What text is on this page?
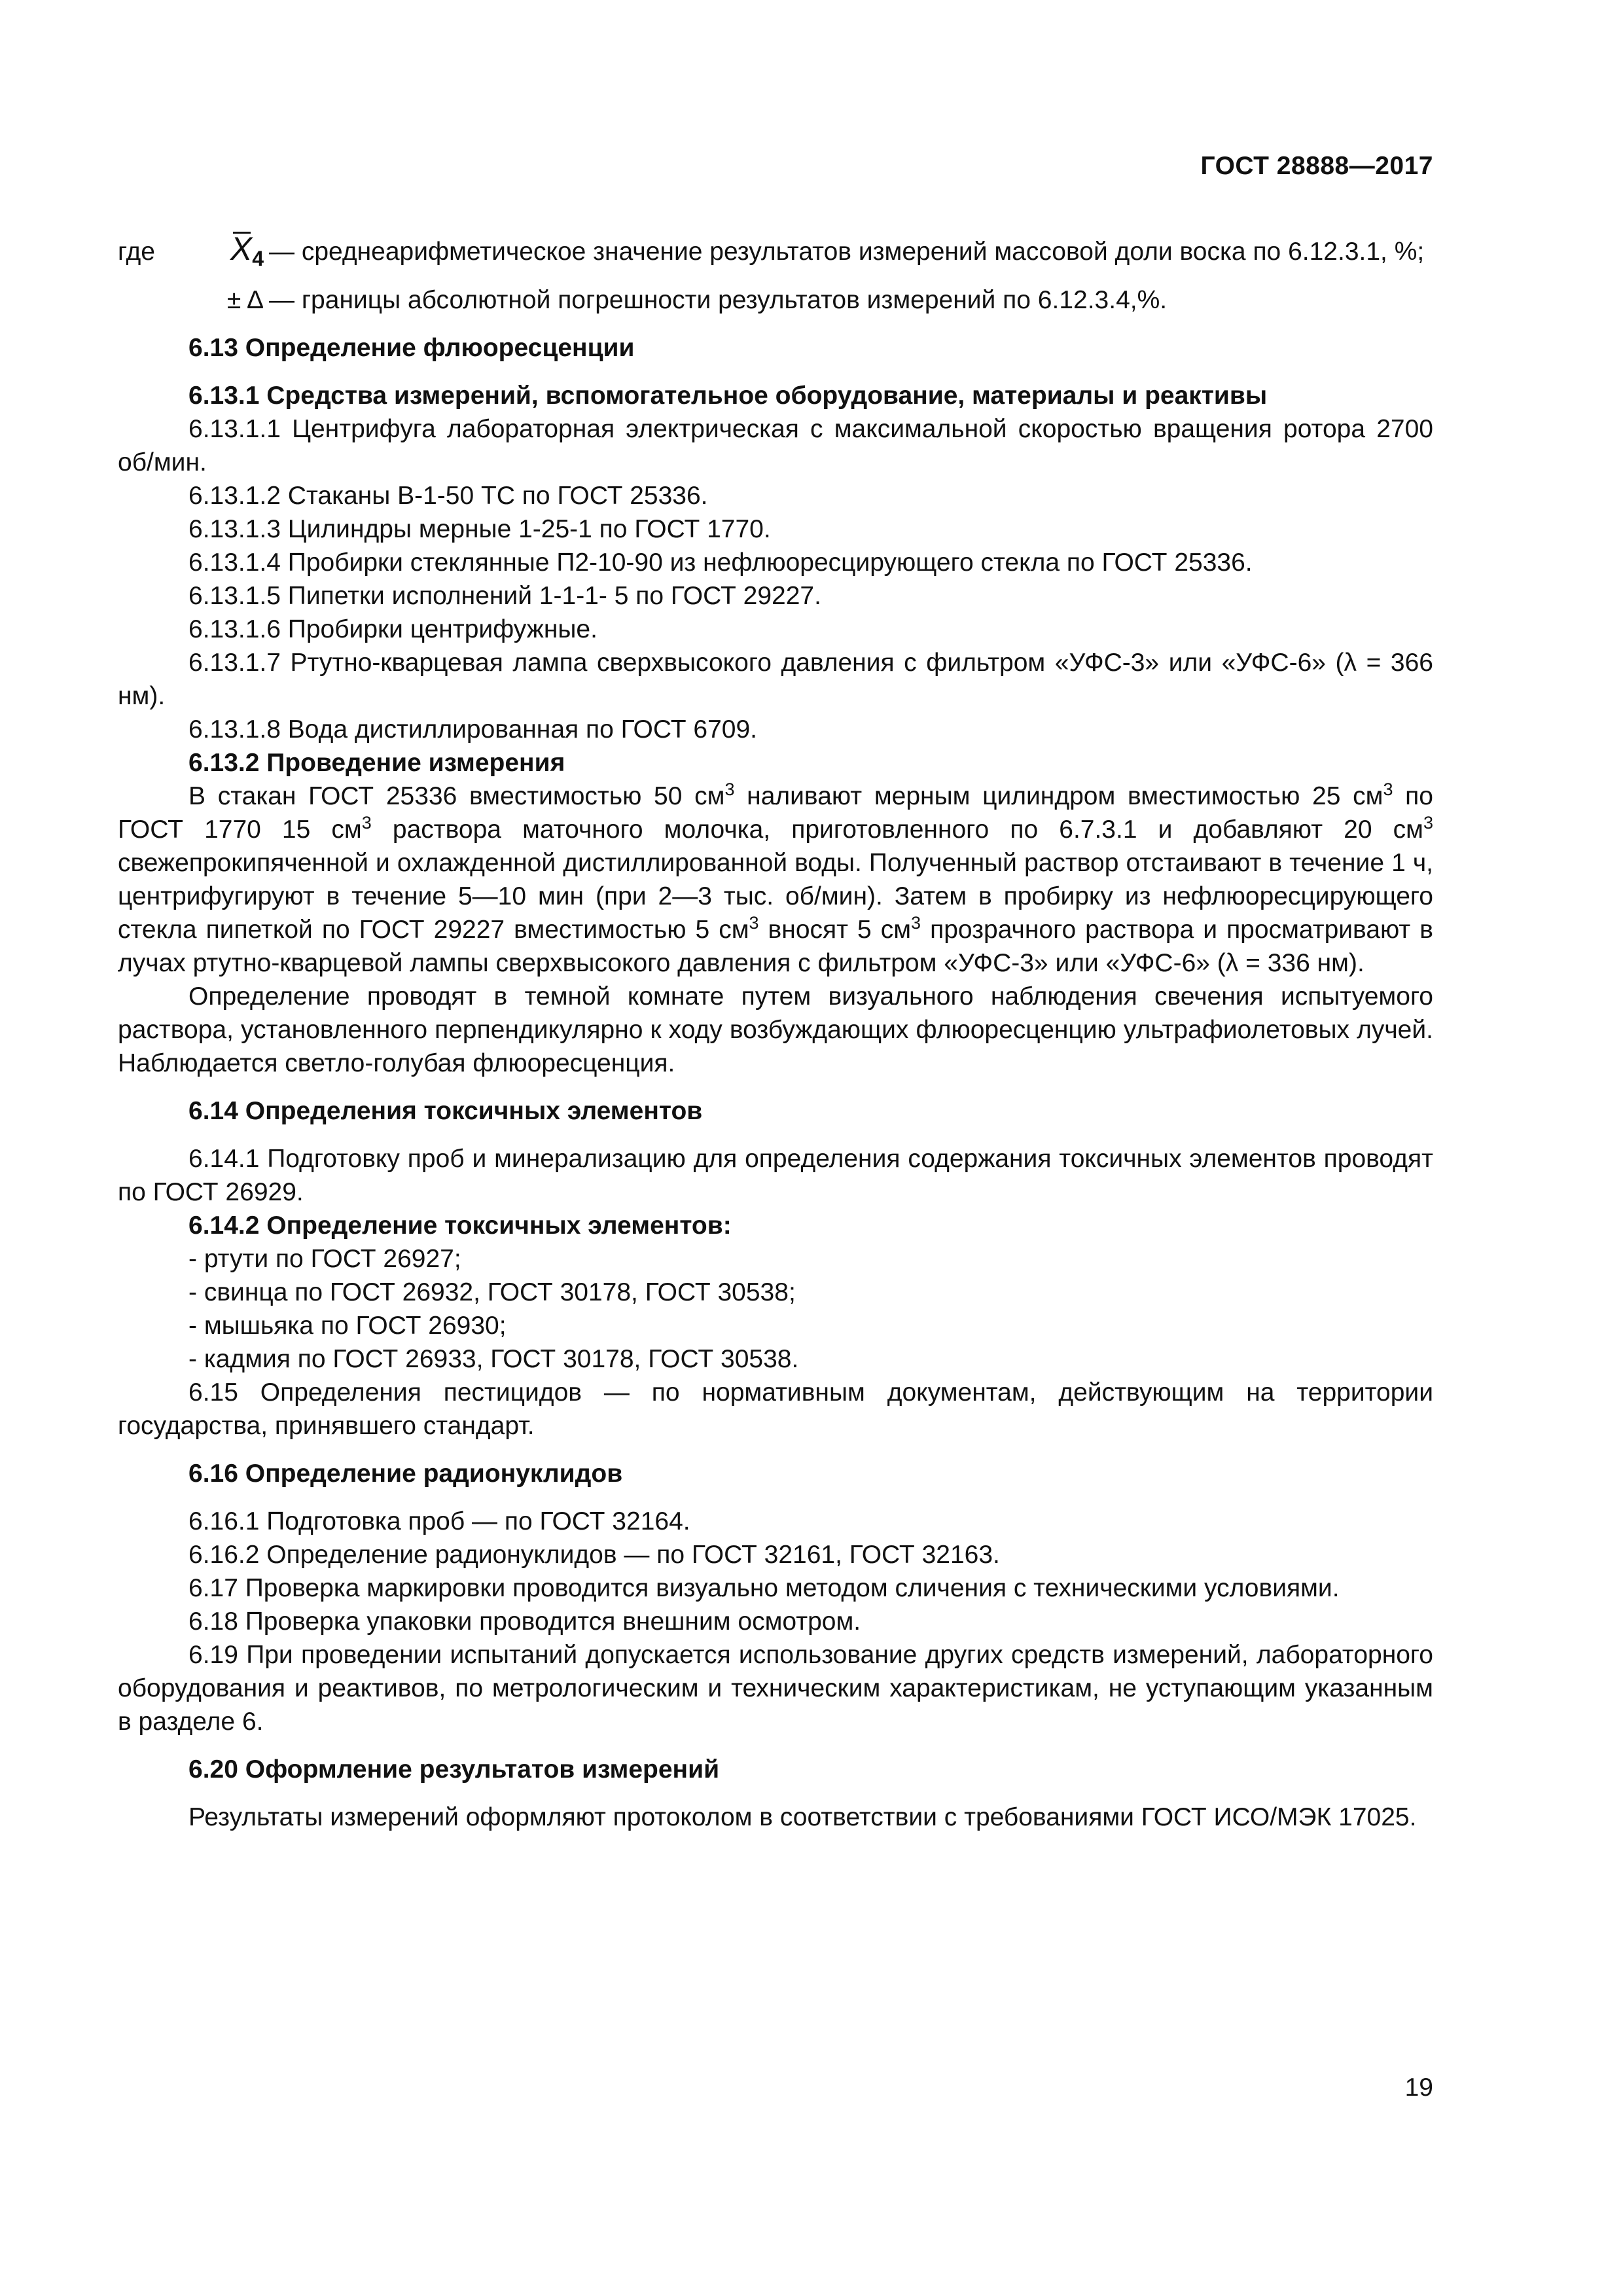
ГОСТ 28888—2017
где	$X_4$ — среднеарифметическое значение результатов измерений массовой доли воска по 6.12.3.1, %;
± Δ — границы абсолютной погрешности результатов измерений по 6.12.3.4,%.

6.13 Определение флюоресценции

6.13.1 Средства измерений, вспомогательное оборудование, материалы и реактивы

6.13.1.1 Центрифуга лабораторная электрическая с максимальной скоростью вращения ротора 2700 об/мин.

6.13.1.2 Стаканы В-1-50 ТС по ГОСТ 25336.

6.13.1.3 Цилиндры мерные 1-25-1 по ГОСТ 1770.

6.13.1.4 Пробирки стеклянные П2-10-90 из нефлюоресцирующего стекла по ГОСТ 25336.

6.13.1.5 Пипетки исполнений 1-1-1- 5 по ГОСТ 29227.

6.13.1.6 Пробирки центрифужные.

6.13.1.7 Ртутно-кварцевая лампа сверхвысокого давления с фильтром «УФС-3» или «УФС-6» (λ = 366 нм).

6.13.1.8 Вода дистиллированная по ГОСТ 6709.

6.13.2 Проведение измерения

В стакан ГОСТ 25336 вместимостью 50 $см^3$ наливают мерным цилиндром вместимостью 25 $см^3$ по ГОСТ 1770 15 $см^3$ раствора маточного молочка, приготовленного по 6.7.3.1 и добавляют 20 $см^3$ свежепрокипяченной и охлажденной дистиллированной воды. Полученный раствор отстаивают в течение 1 ч, центрифугируют в течение 5—10 мин (при 2—3 тыс. об/мин). Затем в пробирку из нефлюоресцирующего стекла пипеткой по ГОСТ 29227 вместимостью 5 $см^3$ вносят 5 $см^3$ прозрачного раствора и просматривают в лучах ртутно-кварцевой лампы сверхвысокого давления с фильтром «УФС-3» или «УФС-6» (λ = 336 нм).

Определение проводят в темной комнате путем визуального наблюдения свечения испытуемого раствора, установленного перпендикулярно к ходу возбуждающих флюоресценцию ультрафиолетовых лучей. Наблюдается светло-голубая флюоресценция.

6.14 Определения токсичных элементов

6.14.1 Подготовку проб и минерализацию для определения содержания токсичных элементов проводят по ГОСТ 26929.

6.14.2 Определение токсичных элементов:

- ртути по ГОСТ 26927;

- свинца по ГОСТ 26932, ГОСТ 30178, ГОСТ 30538;

- мышьяка по ГОСТ 26930;

- кадмия по ГОСТ 26933, ГОСТ 30178, ГОСТ 30538.

6.15 Определения пестицидов — по нормативным документам, действующим на территории государства, принявшего стандарт.

6.16 Определение радионуклидов

6.16.1 Подготовка проб — по ГОСТ 32164.

6.16.2 Определение радионуклидов — по ГОСТ 32161, ГОСТ 32163.

6.17 Проверка маркировки проводится визуально методом сличения с техническими условиями.

6.18 Проверка упаковки проводится внешним осмотром.

6.19 При проведении испытаний допускается использование других средств измерений, лабораторного оборудования и реактивов, по метрологическим и техническим характеристикам, не уступающим указанным в разделе 6.

6.20 Оформление результатов измерений

Результаты измерений оформляют протоколом в соответствии с требованиями ГОСТ ИСО/МЭК 17025.

19
